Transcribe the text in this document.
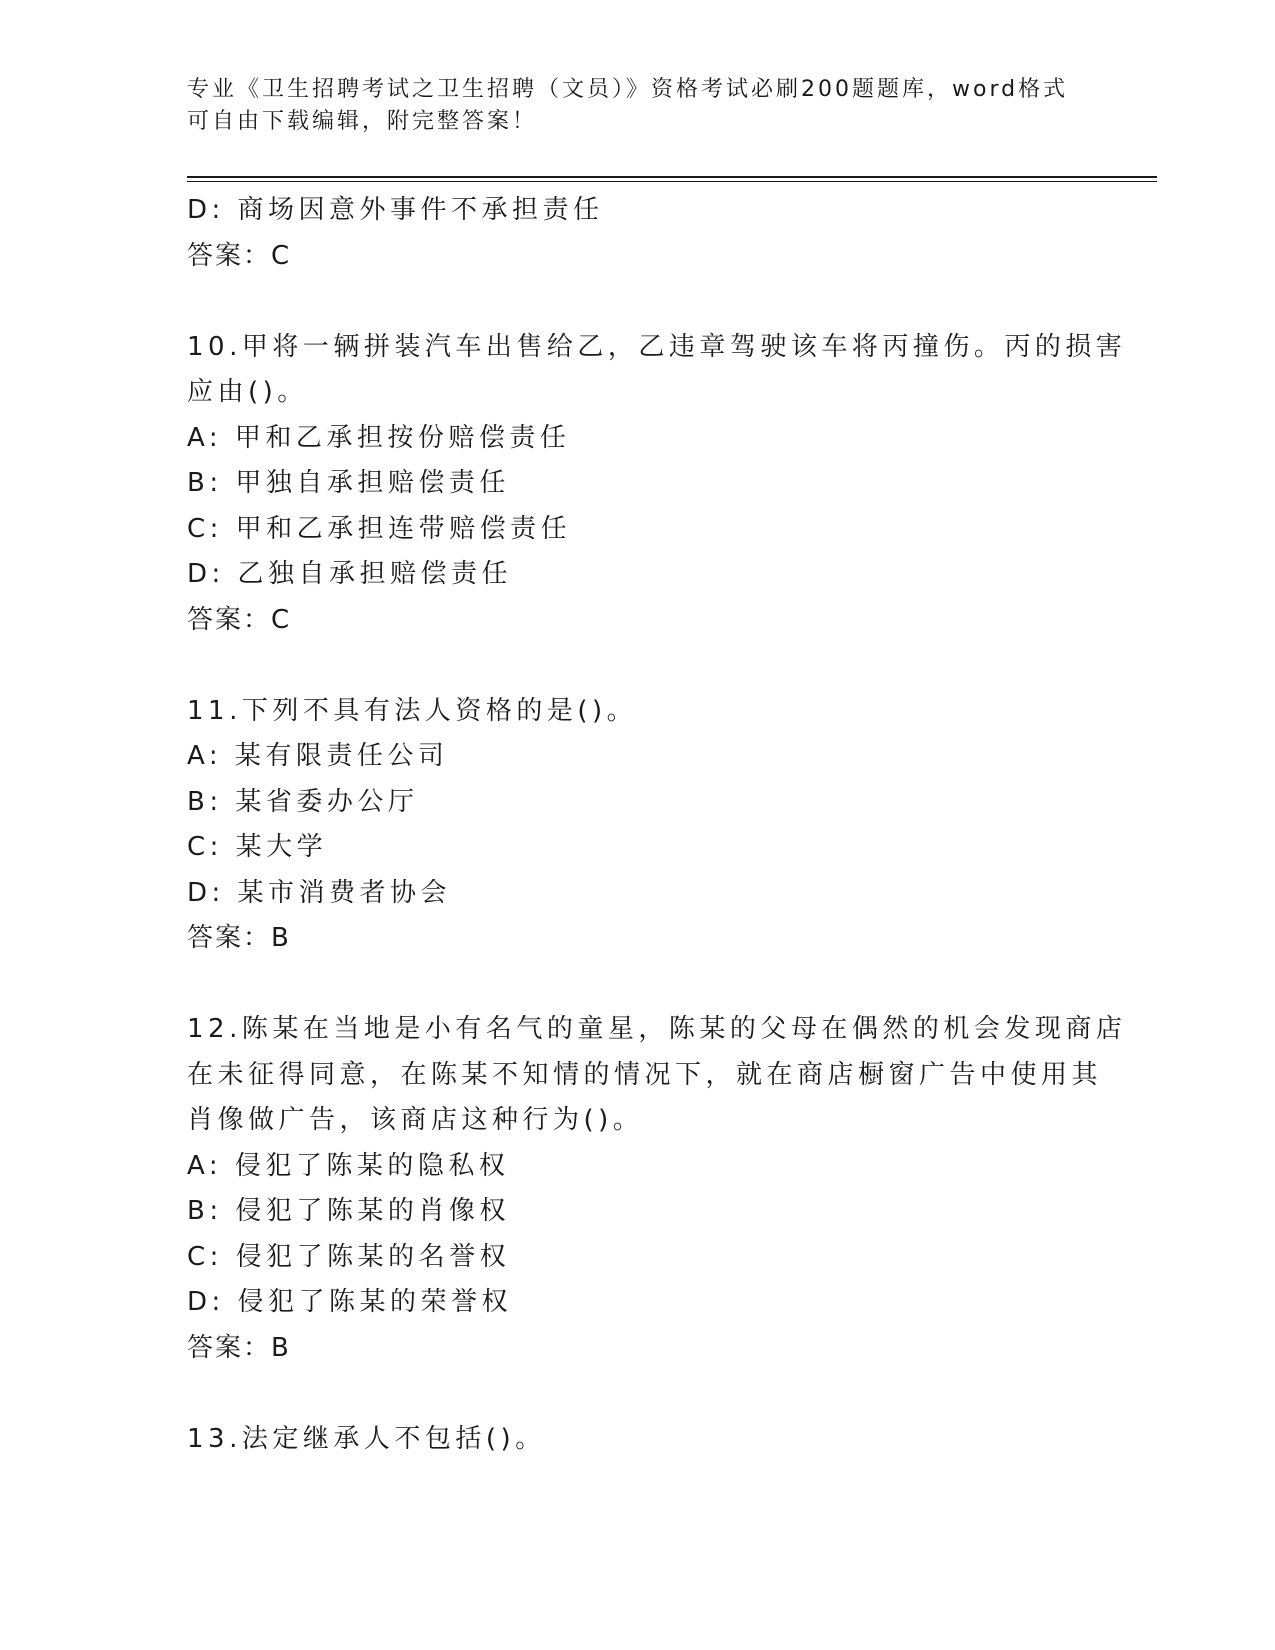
专业《卫生招聘考试之卫生招聘（文员）》资格考试必刷200题题库，word格式
可自由下载编辑，附完整答案！
D: 商场因意外事件不承担责任
答案：C
10.甲将一辆拼装汽车出售给乙，乙违章驾驶该车将丙撞伤。丙的损害
应由()。
A: 甲和乙承担按份赔偿责任
B: 甲独自承担赔偿责任
C: 甲和乙承担连带赔偿责任
D: 乙独自承担赔偿责任
答案：C
11.下列不具有法人资格的是()。
A: 某有限责任公司
B: 某省委办公厅
C: 某大学
D: 某市消费者协会
答案：B
12.陈某在当地是小有名气的童星，陈某的父母在偶然的机会发现商店
在未征得同意，在陈某不知情的情况下，就在商店橱窗广告中使用其
肖像做广告，该商店这种行为()。
A: 侵犯了陈某的隐私权
B: 侵犯了陈某的肖像权
C: 侵犯了陈某的名誉权
D: 侵犯了陈某的荣誉权
答案：B
13.法定继承人不包括()。
